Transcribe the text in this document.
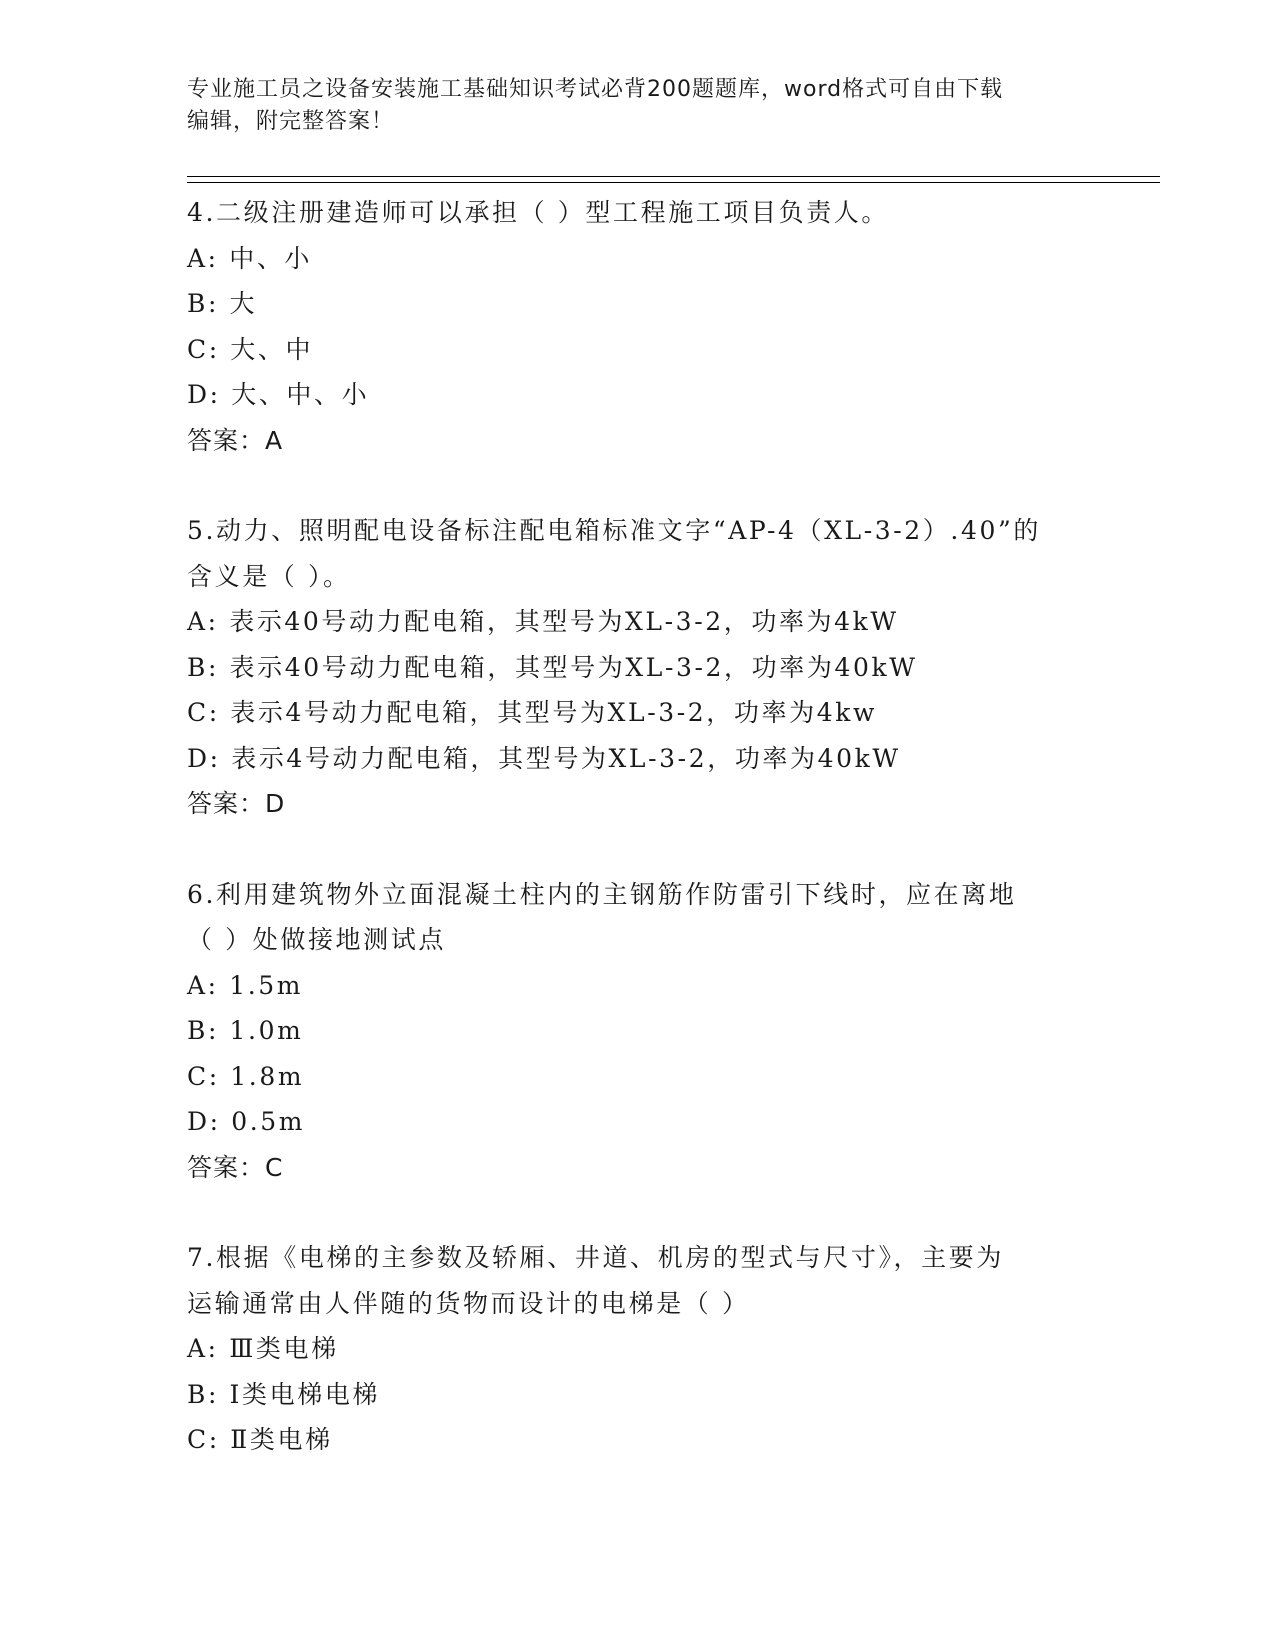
专业施工员之设备安装施工基础知识考试必背200题题库，word格式可自由下载
编辑，附完整答案！
4.二级注册建造师可以承担（ ）型工程施工项目负责人。
A: 中、小
B: 大
C: 大、中
D: 大、中、小
答案：A
5.动力、照明配电设备标注配电箱标准文字“AP-4（XL-3-2）.40”的
含义是（ ）。
A: 表示40号动力配电箱，其型号为XL-3-2，功率为4kW
B: 表示40号动力配电箱，其型号为XL-3-2，功率为40kW
C: 表示4号动力配电箱，其型号为XL-3-2，功率为4kw
D: 表示4号动力配电箱，其型号为XL-3-2，功率为40kW
答案：D
6.利用建筑物外立面混凝土柱内的主钢筋作防雷引下线时，应在离地
（ ）处做接地测试点
A: 1.5m
B: 1.0m
C: 1.8m
D: 0.5m
答案：C
7.根据《电梯的主参数及轿厢、井道、机房的型式与尺寸》，主要为
运输通常由人伴随的货物而设计的电梯是（ ）
A: Ⅲ类电梯
B: Ⅰ类电梯电梯
C: Ⅱ类电梯
